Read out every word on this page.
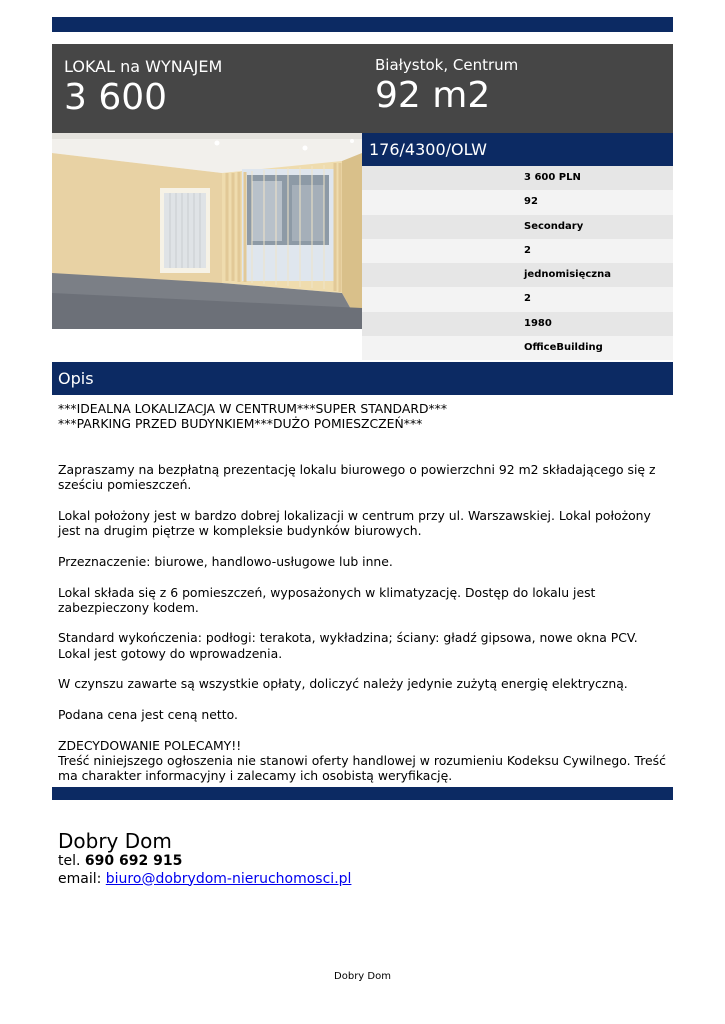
LOKAL na WYNAJEM
3 600
Białystok, Centrum
92 m2
176/4300/OLW
3 600 PLN
92
Secondary
2
jednomisięczna
2
1980
OfficeBuilding
Opis

***IDEALNA LOKALIZACJA W CENTRUM***SUPER STANDARD***
***PARKING PRZED BUDYNKIEM***DUŻO POMIESZCZEŃ***

Zapraszamy na bezpłatną prezentację lokalu biurowego o powierzchni 92 m2 składającego się z sześciu pomieszczeń.

Lokal położony jest w bardzo dobrej lokalizacji w centrum przy ul. Warszawskiej. Lokal położony jest na drugim piętrze w kompleksie budynków biurowych.

Przeznaczenie: biurowe, handlowo-usługowe lub inne.

Lokal składa się z 6 pomieszczeń, wyposażonych w klimatyzację. Dostęp do lokalu jest zabezpieczony kodem.

Standard wykończenia: podłogi: terakota, wykładzina; ściany: gładź gipsowa, nowe okna PCV.
Lokal jest gotowy do wprowadzenia.

W czynszu zawarte są wszystkie opłaty, doliczyć należy jedynie zużytą energię elektryczną.

Podana cena jest ceną netto.

ZDECYDOWANIE POLECAMY!!
Treść niniejszego ogłoszenia nie stanowi oferty handlowej w rozumieniu Kodeksu Cywilnego. Treść ma charakter informacyjny i zalecamy ich osobistą weryfikację.

Dobry Dom
tel. 690 692 915
email: biuro@dobrydom-nieruchomosci.pl
Dobry Dom
